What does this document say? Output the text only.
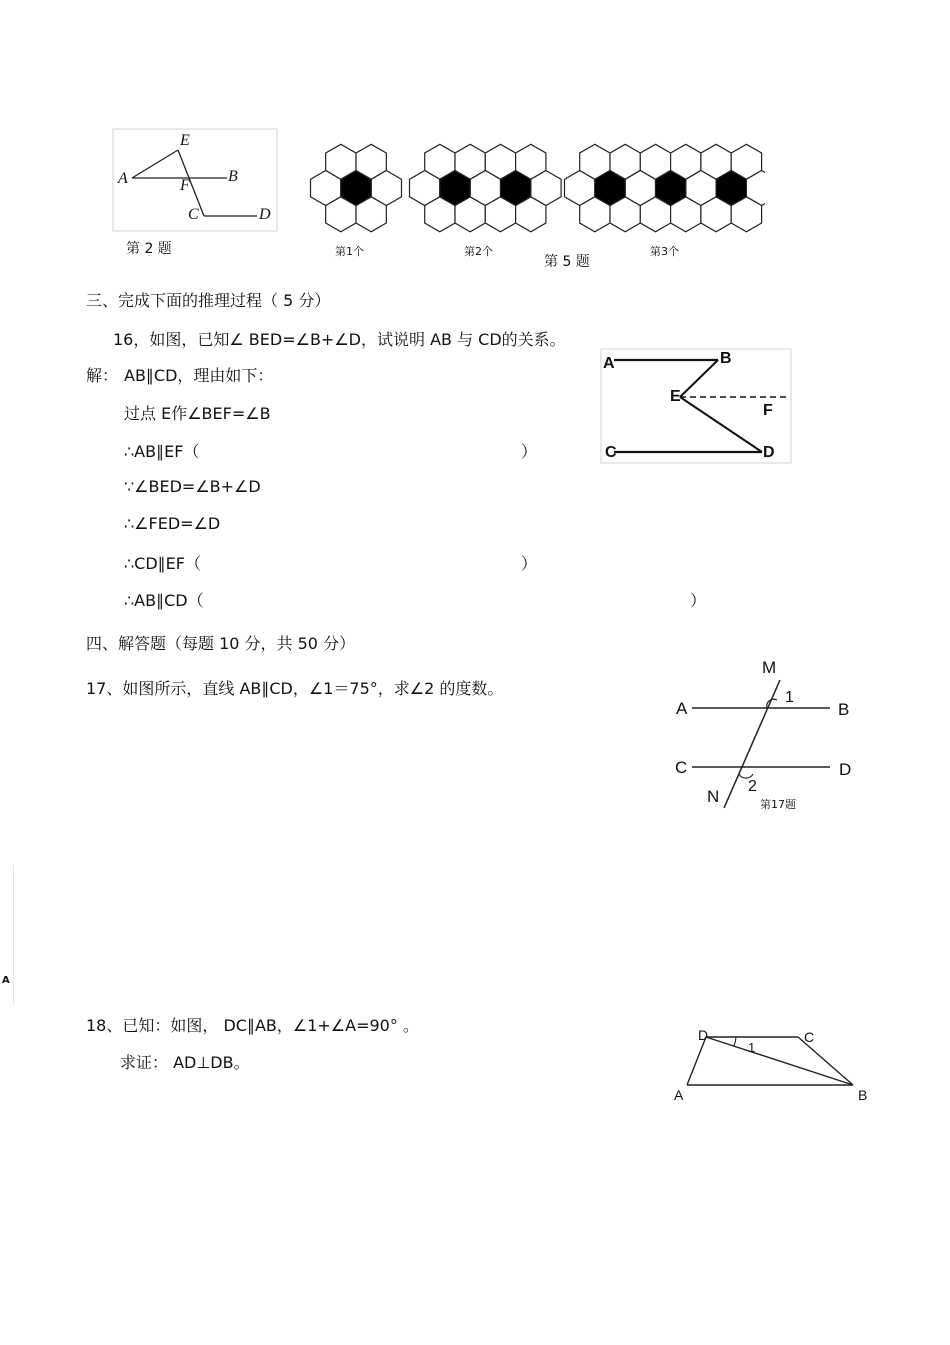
A
E
F
B
C	D
第 2 题	第1个	第2个	第3个
第 5 题
三、完成下面的推理过程（ 5 分）
16，如图，已知∠ BED=∠B+∠D，试说明 AB 与 CD的关系。
解： AB∥CD，理由如下：
过点 E作∠BEF=∠B
∴AB∥EF（	）
∵∠BED=∠B+∠D
∴∠FED=∠D
∴CD∥EF（	）
∴AB∥CD（	）
A	B
E
F
C	D
四、解答题（每题 10 分，共 50 分）
17、如图所示，直线 AB∥CD，∠1＝75°，求∠2 的度数。
M
1
A	B
C	D
2
N	第17题
A
18、已知：如图， DC∥AB，∠1+∠A=90° 。
求证： AD⊥DB。
D	C
1
A	B
